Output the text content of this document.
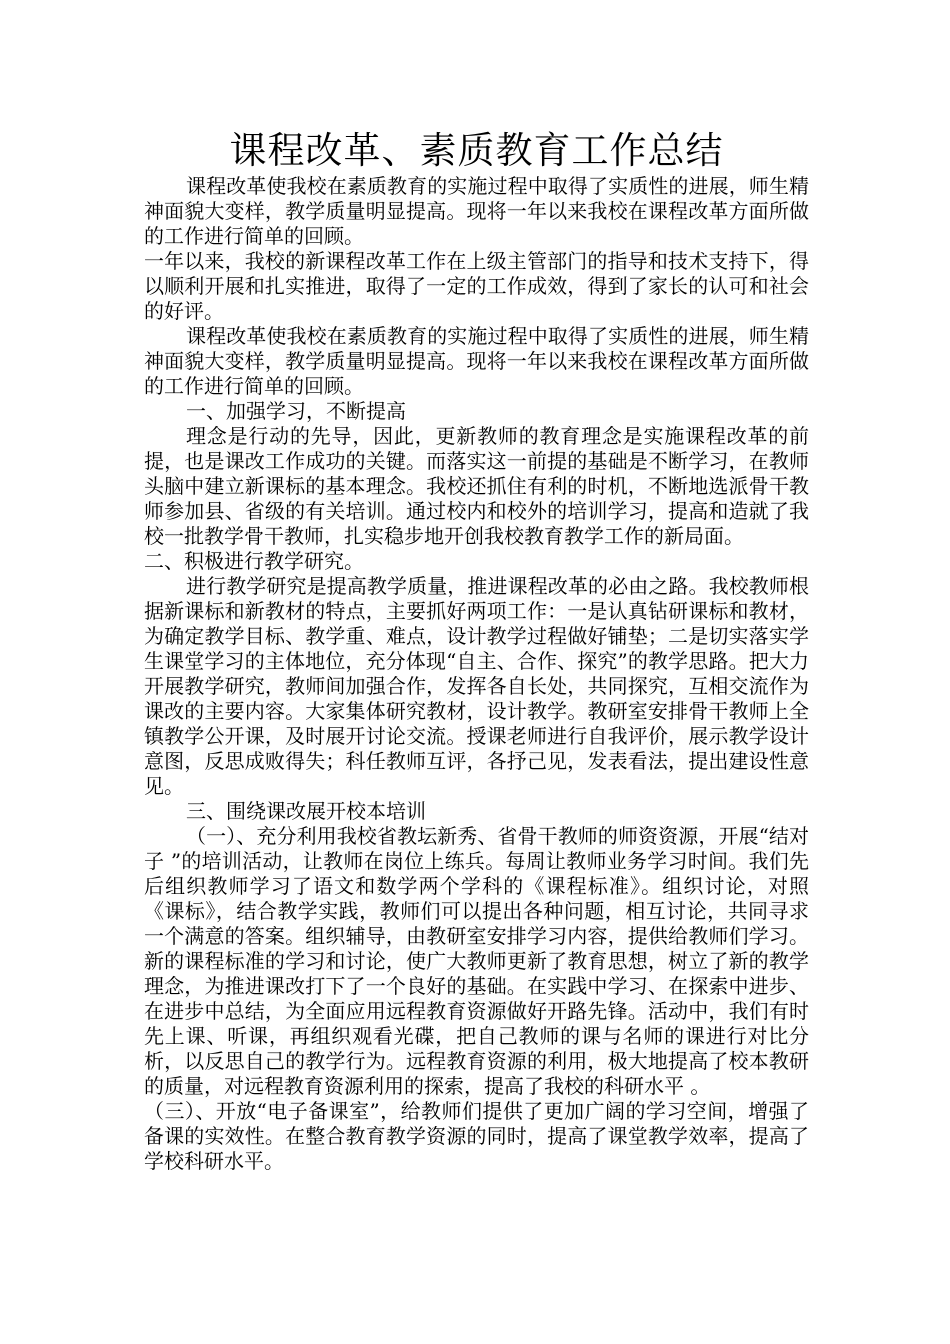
课程改革、素质教育工作总结

课程改革使我校在素质教育的实施过程中取得了实质性的进展，师生精神面貌大变样，教学质量明显提高。现将一年以来我校在课程改革方面所做的工作进行简单的回顾。

一年以来，我校的新课程改革工作在上级主管部门的指导和技术支持下，得以顺利开展和扎实推进，取得了一定的工作成效，得到了家长的认可和社会的好评。

课程改革使我校在素质教育的实施过程中取得了实质性的进展，师生精神面貌大变样，教学质量明显提高。现将一年以来我校在课程改革方面所做的工作进行简单的回顾。

一、加强学习，不断提高

理念是行动的先导，因此，更新教师的教育理念是实施课程改革的前提，也是课改工作成功的关键。而落实这一前提的基础是不断学习，在教师头脑中建立新课标的基本理念。我校还抓住有利的时机，不断地选派骨干教师参加县、省级的有关培训。通过校内和校外的培训学习，提高和造就了我校一批教学骨干教师，扎实稳步地开创我校教育教学工作的新局面。

二、积极进行教学研究。

进行教学研究是提高教学质量，推进课程改革的必由之路。我校教师根据新课标和新教材的特点，主要抓好两项工作：一是认真钻研课标和教材，为确定教学目标、教学重、难点，设计教学过程做好铺垫；二是切实落实学生课堂学习的主体地位，充分体现“自主、合作、探究”的教学思路。把大力开展教学研究，教师间加强合作，发挥各自长处，共同探究，互相交流作为课改的主要内容。大家集体研究教材，设计教学。教研室安排骨干教师上全镇教学公开课，及时展开讨论交流。授课老师进行自我评价，展示教学设计意图，反思成败得失；科任教师互评，各抒己见，发表看法，提出建设性意见。

三、围绕课改展开校本培训

（一）、充分利用我校省教坛新秀、省骨干教师的师资资源，开展“结对子 ”的培训活动，让教师在岗位上练兵。每周让教师业务学习时间。我们先后组织教师学习了语文和数学两个学科的《课程标准》。组织讨论，对照《课标》，结合教学实践，教师们可以提出各种问题，相互讨论，共同寻求一个满意的答案。组织辅导，由教研室安排学习内容，提供给教师们学习。新的课程标准的学习和讨论，使广大教师更新了教育思想，树立了新的教学理念，为推进课改打下了一个良好的基础。在实践中学习、在探索中进步、在进步中总结，为全面应用远程教育资源做好开路先锋。活动中，我们有时先上课、听课，再组织观看光碟，把自己教师的课与名师的课进行对比分析，以反思自己的教学行为。远程教育资源的利用，极大地提高了校本教研的质量，对远程教育资源利用的探索，提高了我校的科研水平 。

（三）、开放“电子备课室”，给教师们提供了更加广阔的学习空间，增强了备课的实效性。在整合教育教学资源的同时，提高了课堂教学效率，提高了学校科研水平。
